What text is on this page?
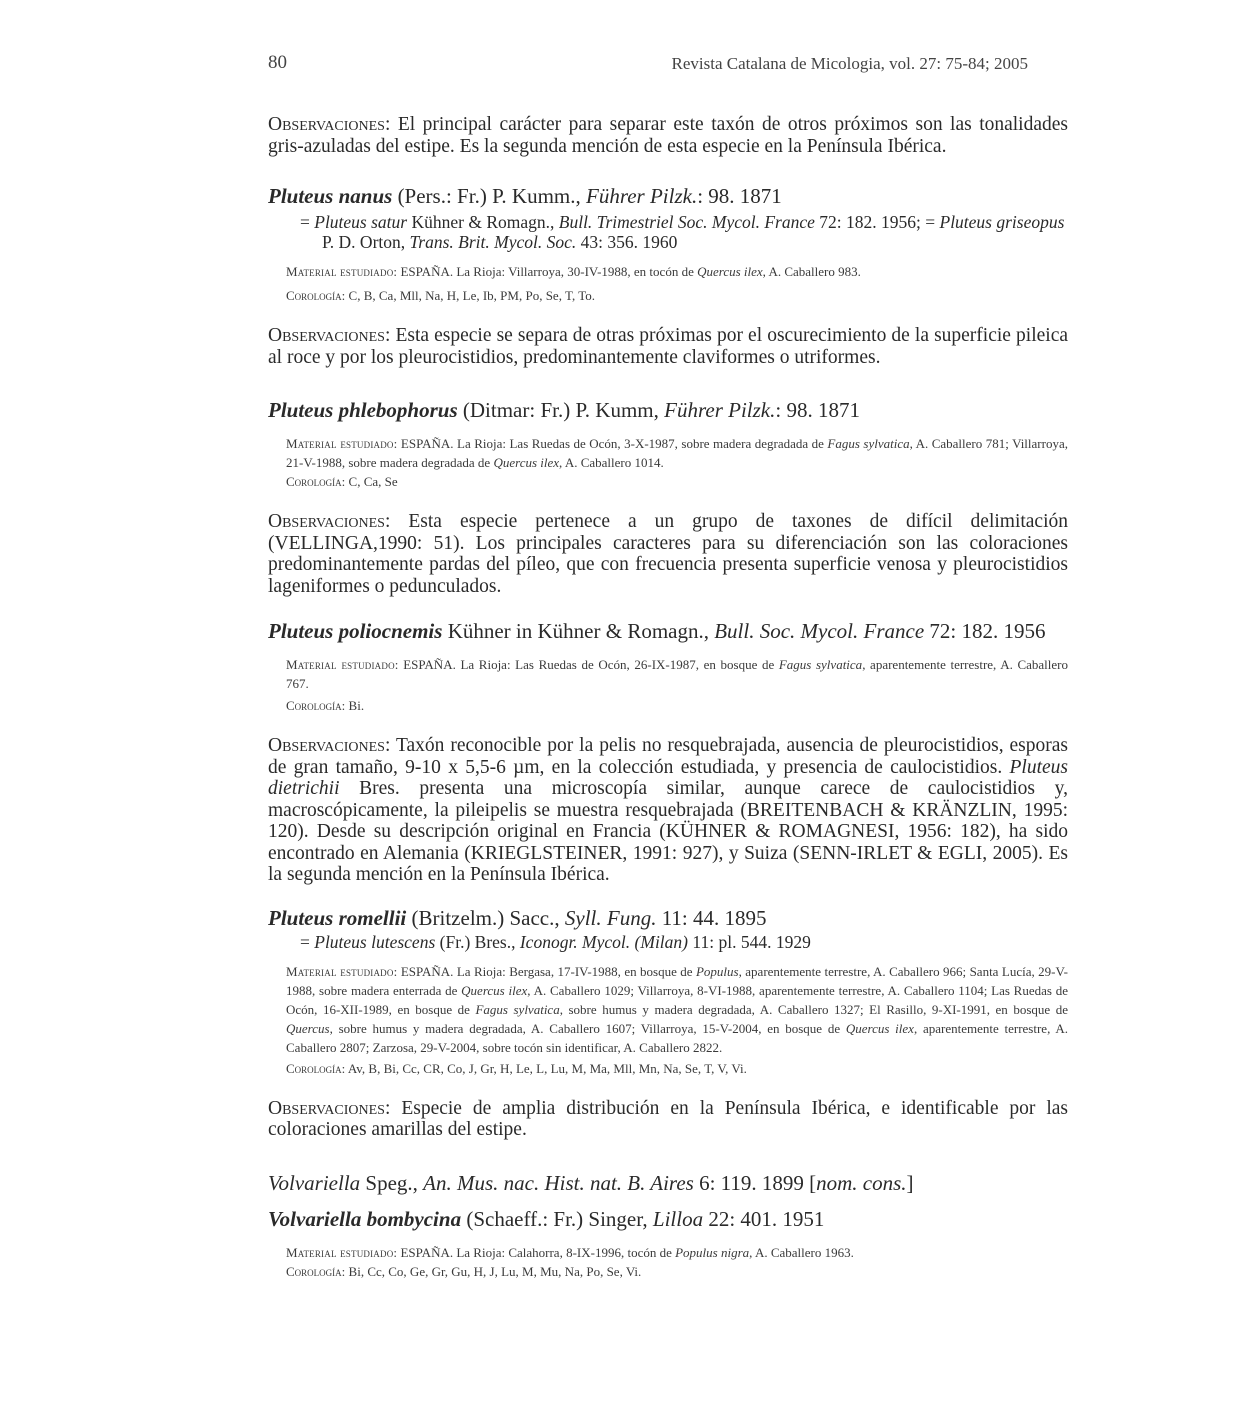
80	Revista Catalana de Micologia, vol. 27: 75-84; 2005

Observaciones: El principal carácter para separar este taxón de otros próximos son las tonalidades gris-azuladas del estipe. Es la segunda mención de esta especie en la Península Ibérica.

Pluteus nanus (Pers.: Fr.) P. Kumm., Führer Pilzk.: 98. 1871

= Pluteus satur Kühner & Romagn., Bull. Trimestriel Soc. Mycol. France 72: 182. 1956; = Pluteus griseopus P. D. Orton, Trans. Brit. Mycol. Soc. 43: 356. 1960

Material estudiado: ESPAÑA. La Rioja: Villarroya, 30-IV-1988, en tocón de Quercus ilex, A. Caballero 983.

Corología: C, B, Ca, Mll, Na, H, Le, Ib, PM, Po, Se, T, To.

Observaciones: Esta especie se separa de otras próximas por el oscurecimiento de la superficie pileica al roce y por los pleurocistidios, predominantemente claviformes o utriformes.

Pluteus phlebophorus (Ditmar: Fr.) P. Kumm, Führer Pilzk.: 98. 1871

Material estudiado: ESPAÑA. La Rioja: Las Ruedas de Ocón, 3-X-1987, sobre madera degradada de Fagus sylvatica, A. Caballero 781; Villarroya, 21-V-1988, sobre madera degradada de Quercus ilex, A. Caballero 1014.

Corología: C, Ca, Se

Observaciones: Esta especie pertenece a un grupo de taxones de difícil delimitación (VELLINGA,1990: 51). Los principales caracteres para su diferenciación son las coloraciones predominantemente pardas del píleo, que con frecuencia presenta superficie venosa y pleurocistidios lageniformes o pedunculados.

Pluteus poliocnemis Kühner in Kühner & Romagn., Bull. Soc. Mycol. France 72: 182. 1956

Material estudiado: ESPAÑA. La Rioja: Las Ruedas de Ocón, 26-IX-1987, en bosque de Fagus sylvatica, aparentemente terrestre, A. Caballero 767.

Corología: Bi.

Observaciones: Taxón reconocible por la pelis no resquebrajada, ausencia de pleurocistidios, esporas de gran tamaño, 9-10 x 5,5-6 µm, en la colección estudiada, y presencia de caulocistidios. Pluteus dietrichii Bres. presenta una microscopía similar, aunque carece de caulocistidios y, macroscópicamente, la pileipelis se muestra resquebrajada (BREITENBACH & KRÄNZLIN, 1995: 120). Desde su descripción original en Francia (KÜHNER & ROMAGNESI, 1956: 182), ha sido encontrado en Alemania (KRIEGLSTEINER, 1991: 927), y Suiza (SENN-IRLET & EGLI, 2005). Es la segunda mención en la Península Ibérica.

Pluteus romellii (Britzelm.) Sacc., Syll. Fung. 11: 44. 1895

= Pluteus lutescens (Fr.) Bres., Iconogr. Mycol. (Milan) 11: pl. 544. 1929

Material estudiado: ESPAÑA. La Rioja: Bergasa, 17-IV-1988, en bosque de Populus, aparentemente terrestre, A. Caballero 966; Santa Lucía, 29-V-1988, sobre madera enterrada de Quercus ilex, A. Caballero 1029; Villarroya, 8-VI-1988, aparentemente terrestre, A. Caballero 1104; Las Ruedas de Ocón, 16-XII-1989, en bosque de Fagus sylvatica, sobre humus y madera degradada, A. Caballero 1327; El Rasillo, 9-XI-1991, en bosque de Quercus, sobre humus y madera degradada, A. Caballero 1607; Villarroya, 15-V-2004, en bosque de Quercus ilex, aparentemente terrestre, A. Caballero 2807; Zarzosa, 29-V-2004, sobre tocón sin identificar, A. Caballero 2822.

Corología: Av, B, Bi, Cc, CR, Co, J, Gr, H, Le, L, Lu, M, Ma, Mll, Mn, Na, Se, T, V, Vi.

Observaciones: Especie de amplia distribución en la Península Ibérica, e identificable por las coloraciones amarillas del estipe.

Volvariella Speg., An. Mus. nac. Hist. nat. B. Aires 6: 119. 1899 [nom. cons.]

Volvariella bombycina (Schaeff.: Fr.) Singer, Lilloa 22: 401. 1951

Material estudiado: ESPAÑA. La Rioja: Calahorra, 8-IX-1996, tocón de Populus nigra, A. Caballero 1963.

Corología: Bi, Cc, Co, Ge, Gr, Gu, H, J, Lu, M, Mu, Na, Po, Se, Vi.
